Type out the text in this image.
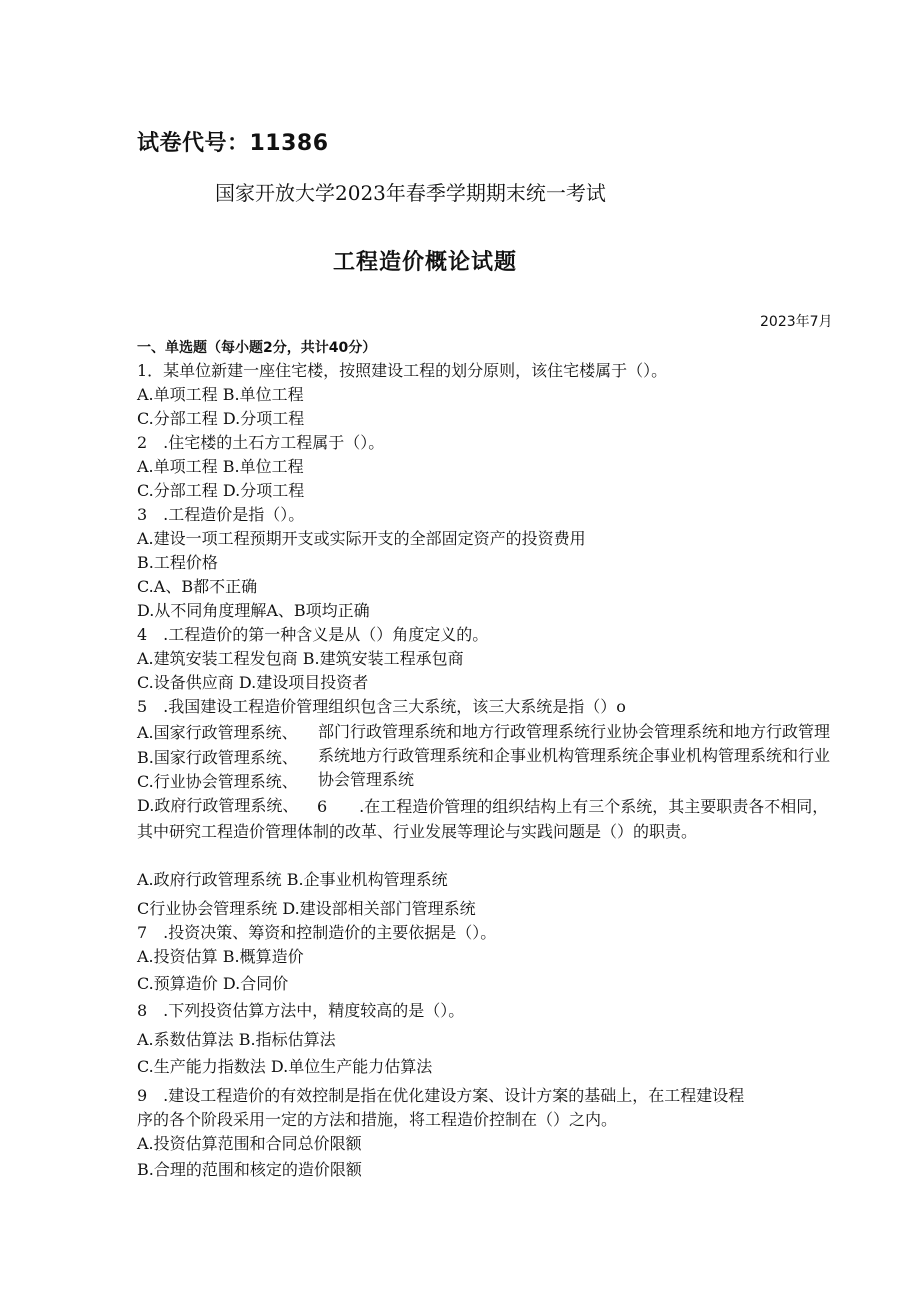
试卷代号：11386
国家开放大学2023年春季学期期末统一考试
工程造价概论试题
2023年7月
一、单选题（每小题2分，共计40分）
1．某单位新建一座住宅楼，按照建设工程的划分原则，该住宅楼属于（）。
A.单项工程 B.单位工程
C.分部工程 D.分项工程
2　.住宅楼的土石方工程属于（）。
A.单项工程 B.单位工程
C.分部工程 D.分项工程
3　.工程造价是指（）。
A.建设一项工程预期开支或实际开支的全部固定资产的投资费用
B.工程价格
C.A、B都不正确
D.从不同角度理解A、B项均正确
4　.工程造价的第一种含义是从（）角度定义的。
A.建筑安装工程发包商 B.建筑安装工程承包商
C.设备供应商 D.建设项目投资者
5　.我国建设工程造价管理组织包含三大系统，该三大系统是指（）o
A.国家行政管理系统、
B.国家行政管理系统、
C.行业协会管理系统、
D.政府行政管理系统、
部门行政管理系统和地方行政管理系统行业协会管理系统和地方行政管理系统地方行政管理系统和企事业机构管理系统企事业机构管理系统和行业协会管理系统
6　　.在工程造价管理的组织结构上有三个系统，其主要职责各不相同，其中研究工程造价管理体制的改革、行业发展等理论与实践问题是（）的职责。
A.政府行政管理系统 B.企事业机构管理系统
C行业协会管理系统 D.建设部相关部门管理系统
7　.投资决策、筹资和控制造价的主要依据是（）。
A.投资估算 B.概算造价
C.预算造价 D.合同价
8　.下列投资估算方法中，精度较高的是（）。
A.系数估算法 B.指标估算法
C.生产能力指数法 D.单位生产能力估算法
9　.建设工程造价的有效控制是指在优化建设方案、设计方案的基础上，在工程建设程
序的各个阶段采用一定的方法和措施，将工程造价控制在（）之内。
A.投资估算范围和合同总价限额
B.合理的范围和核定的造价限额
